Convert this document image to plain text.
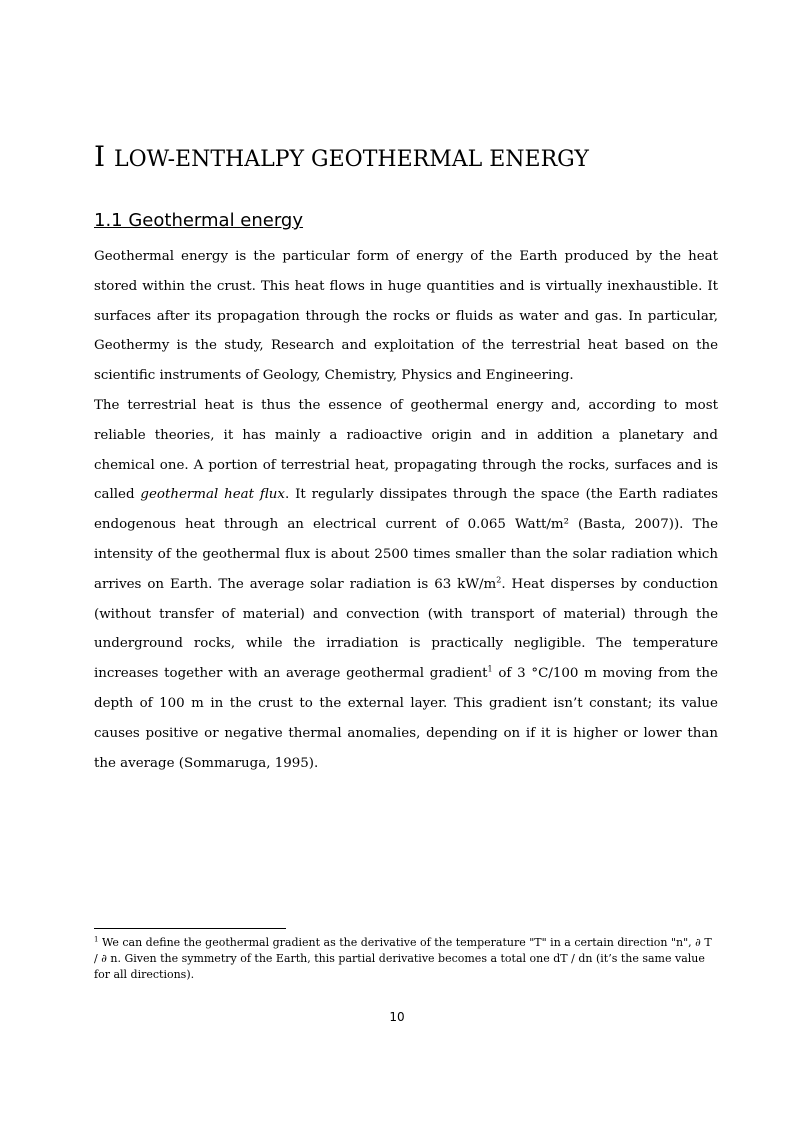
I LOW-ENTHALPY GEOTHERMAL ENERGY
1.1 Geothermal energy

Geothermal energy is the particular form of energy of the Earth produced by the heat stored within the crust. This heat flows in huge quantities and is virtually inexhaustible. It surfaces after its propagation through the rocks or fluids as water and gas. In particular, Geothermy is the study, Research and exploitation of the terrestrial heat based on the scientific instruments of Geology, Chemistry, Physics and Engineering.

The terrestrial heat is thus the essence of geothermal energy and, according to most reliable theories, it has mainly a radioactive origin and in addition a planetary and chemical one. A portion of terrestrial heat, propagating through the rocks, surfaces and is called geothermal heat flux. It regularly dissipates through the space (the Earth radiates endogenous heat through an electrical current of 0.065 Watt/m² (Basta, 2007)). The intensity of the geothermal flux is about 2500 times smaller than the solar radiation which arrives on Earth. The average solar radiation is 63 $kW/m^2$. Heat disperses by conduction (without transfer of material) and convection (with transport of material) through the underground rocks, while the irradiation is practically negligible. The temperature increases together with an average geothermal gradient$^1$ of 3 °C/100 m moving from the depth of 100 m in the crust to the external layer. This gradient isn’t constant; its value causes positive or negative thermal anomalies, depending on if it is higher or lower than the average (Sommaruga, 1995).

$^1$ We can define the geothermal gradient as the derivative of the temperature "T" in a certain direction "n", ∂ T / ∂ n. Given the symmetry of the Earth, this partial derivative becomes a total one dT / dn (it’s the same value for all directions).

10
